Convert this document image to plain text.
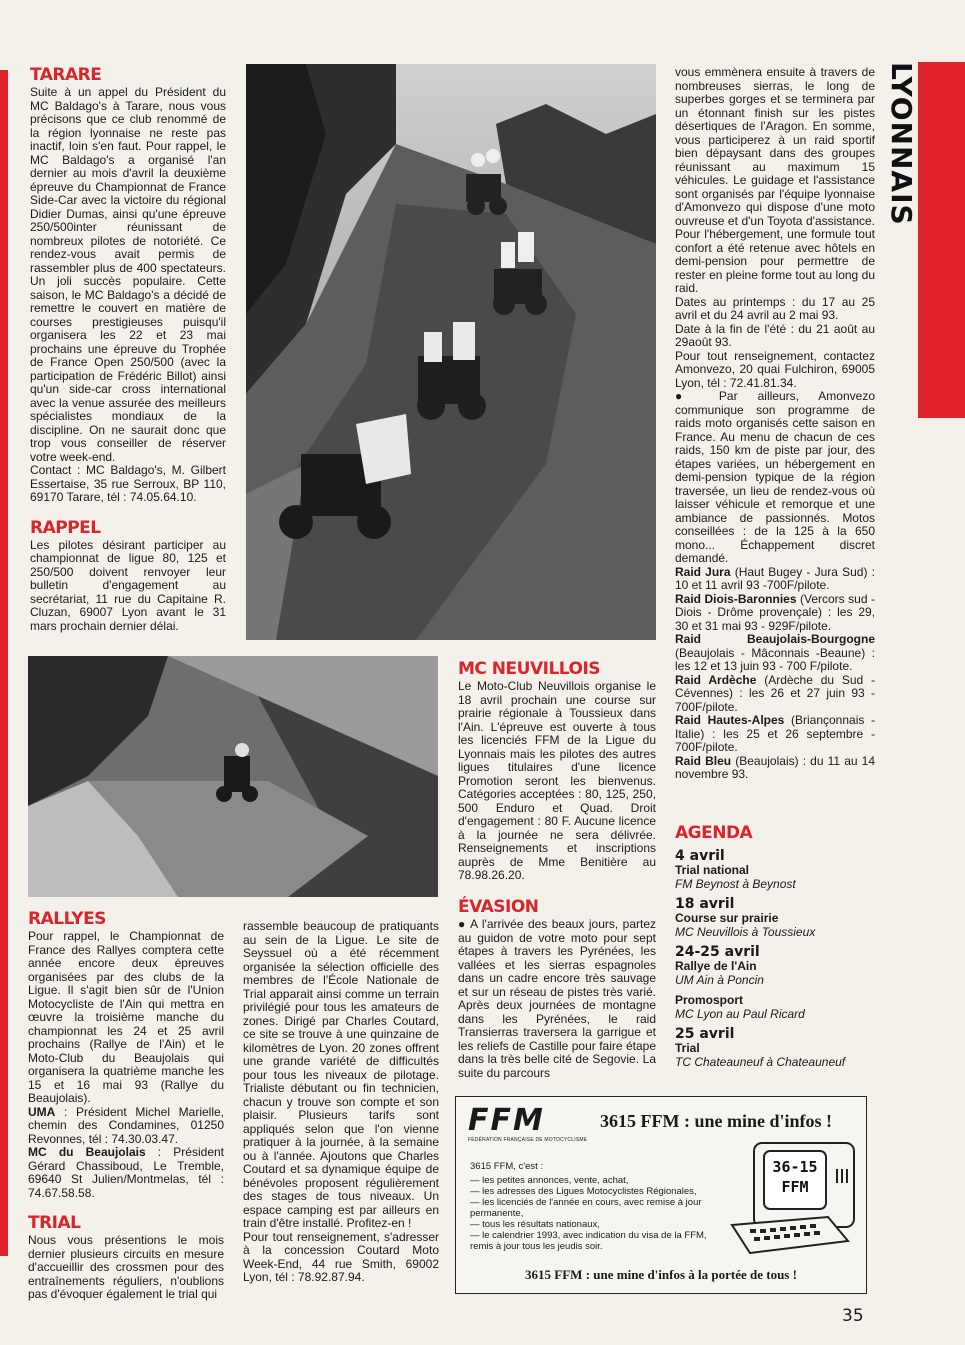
LYONNAIS
TARARE

Suite à un appel du Président du MC Baldago's à Tarare, nous vous précisons que ce club renommé de la région lyonnaise ne reste pas inactif, loin s'en faut. Pour rappel, le MC Baldago's a organisé l'an dernier au mois d'avril la deuxième épreuve du Championnat de France Side-Car avec la victoire du régional Didier Dumas, ainsi qu'une épreuve 250/500inter réunissant de nombreux pilotes de notoriété. Ce rendez-vous avait permis de rassembler plus de 400 spectateurs. Un joli succès populaire. Cette saison, le MC Baldago's a décidé de remettre le couvert en matière de courses prestigieuses puisqu'il organisera les 22 et 23 mai prochains une épreuve du Trophée de France Open 250/500 (avec la participation de Frédéric Billot) ainsi qu'un side-car cross international avec la venue assurée des meilleurs spécialistes mondiaux de la discipline. On ne saurait donc que trop vous conseiller de réserver votre week-end.

Contact : MC Baldago's, M. Gilbert Essertaise, 35 rue Serroux, BP 110, 69170 Tarare, tél : 74.05.64.10.

RAPPEL

Les pilotes désirant participer au championnat de ligue 80, 125 et 250/500 doivent renvoyer leur bulletin d'engagement au secrétariat, 11 rue du Capitaine R. Cluzan, 69007 Lyon avant le 31 mars prochain dernier délai.

RALLYES

Pour rappel, le Championnat de France des Rallyes comptera cette année encore deux épreuves organisées par des clubs de la Ligue. Il s'agit bien sûr de l'Union Motocycliste de l'Ain qui mettra en œuvre la troisième manche du championnat les 24 et 25 avril prochains (Rallye de l'Ain) et le Moto-Club du Beaujolais qui organisera la quatrième manche les 15 et 16 mai 93 (Rallye du Beaujolais).

UMA : Président Michel Marielle, chemin des Condamines, 01250 Revonnes, tél : 74.30.03.47.

MC du Beaujolais : Président Gérard Chassiboud, Le Tremble, 69640 St Julien/Montmelas, tél : 74.67.58.58.

TRIAL

Nous vous présentions le mois dernier plusieurs circuits en mesure d'accueillir des crossmen pour des entraînements réguliers, n'oublions pas d'évoquer également le trial qui

rassemble beaucoup de pratiquants au sein de la Ligue. Le site de Seyssuel où a été récemment organisée la sélection officielle des membres de l'École Nationale de Trial apparait ainsi comme un terrain privilégié pour tous les amateurs de zones. Dirigé par Charles Coutard, ce site se trouve à une quinzaine de kilomètres de Lyon. 20 zones offrent une grande variété de difficultés pour tous les niveaux de pilotage. Trialiste débutant ou fin technicien, chacun y trouve son compte et son plaisir. Plusieurs tarifs sont appliqués selon que l'on vienne pratiquer à la journée, à la semaine ou à l'année. Ajoutons que Charles Coutard et sa dynamique équipe de bénévoles proposent régulièrement des stages de tous niveaux. Un espace camping est par ailleurs en train d'être installé. Profitez-en !

Pour tout renseignement, s'adresser à la concession Coutard Moto Week-End, 44 rue Smith, 69002 Lyon, tél : 78.92.87.94.

MC NEUVILLOIS

Le Moto-Club Neuvillois organise le 18 avril prochain une course sur prairie régionale à Toussieux dans l'Ain. L'épreuve est ouverte à tous les licenciés FFM de la Ligue du Lyonnais mais les pilotes des autres ligues titulaires d'une licence Promotion seront les bienvenus. Catégories acceptées : 80, 125, 250, 500 Enduro et Quad. Droit d'engagement : 80 F. Aucune licence à la journée ne sera délivrée. Renseignements et inscriptions auprès de Mme Benitière au 78.98.26.20.

ÉVASION

● A l'arrivée des beaux jours, partez au guidon de votre moto pour sept étapes à travers les Pyrénées, les vallées et les sierras espagnoles dans un cadre encore très sauvage et sur un réseau de pistes très varié. Après deux journées de montagne dans les Pyrénées, le raid Transierras traversera la garrigue et les reliefs de Castille pour faire étape dans la très belle cité de Segovie. La suite du parcours

vous emmènera ensuite à travers de nombreuses sierras, le long de superbes gorges et se terminera par un étonnant finish sur les pistes désertiques de l'Aragon. En somme, vous participerez à un raid sportif bien dépaysant dans des groupes réunissant au maximum 15 véhicules. Le guidage et l'assistance sont organisés par l'équipe lyonnaise d'Amonvezo qui dispose d'une moto ouvreuse et d'un Toyota d'assistance. Pour l'hébergement, une formule tout confort a été retenue avec hôtels en demi-pension pour permettre de rester en pleine forme tout au long du raid.

Dates au printemps : du 17 au 25 avril et du 24 avril au 2 mai 93.

Date à la fin de l'été : du 21 août au 29août 93.

Pour tout renseignement, contactez Amonvezo, 20 quai Fulchiron, 69005 Lyon, tél : 72.41.81.34.

● Par ailleurs, Amonvezo communique son programme de raids moto organisés cette saison en France. Au menu de chacun de ces raids, 150 km de piste par jour, des étapes variées, un hébergement en demi-pension typique de la région traversée, un lieu de rendez-vous où laisser véhicule et remorque et une ambiance de passionnés. Motos conseillées : de la 125 à la 650 mono... Échappement discret demandé.

Raid Jura (Haut Bugey - Jura Sud) : 10 et 11 avril 93 -700F/pilote.

Raid Diois-Baronnies (Vercors sud - Diois - Drôme provençale) : les 29, 30 et 31 mai 93 - 929F/pilote.

Raid Beaujolais-Bourgogne (Beaujolais - Mâconnais -Beaune) : les 12 et 13 juin 93 - 700 F/pilote.

Raid Ardèche (Ardèche du Sud - Cévennes) : les 26 et 27 juin 93 - 700F/pilote.

Raid Hautes-Alpes (Briançonnais - Italie) : les 25 et 26 septembre - 700F/pilote.

Raid Bleu (Beaujolais) : du 11 au 14 novembre 93.

AGENDA
4 avril
Trial national
FM Beynost à Beynost
18 avril
Course sur prairie
MC Neuvillois à Toussieux
24-25 avril
Rallye de l'Ain
UM Ain à Poncin
Promosport
MC Lyon au Paul Ricard
25 avril
Trial
TC Chateauneuf à Chateauneuf
FFM
FÉDÉRATION FRANÇAISE DE MOTOCYCLISME
3615 FFM : une mine d'infos !
3615 FFM, c'est :
— les petites annonces, vente, achat,
— les adresses des Ligues Motocyclistes Régionales,
— les licenciés de l'année en cours, avec remise à jour permanente,
— tous les résultats nationaux,
— le calendrier 1993, avec indication du visa de la FFM, remis à jour tous les jeudis soir.
36-15
FFM
3615 FFM : une mine d'infos à la portée de tous !
35
